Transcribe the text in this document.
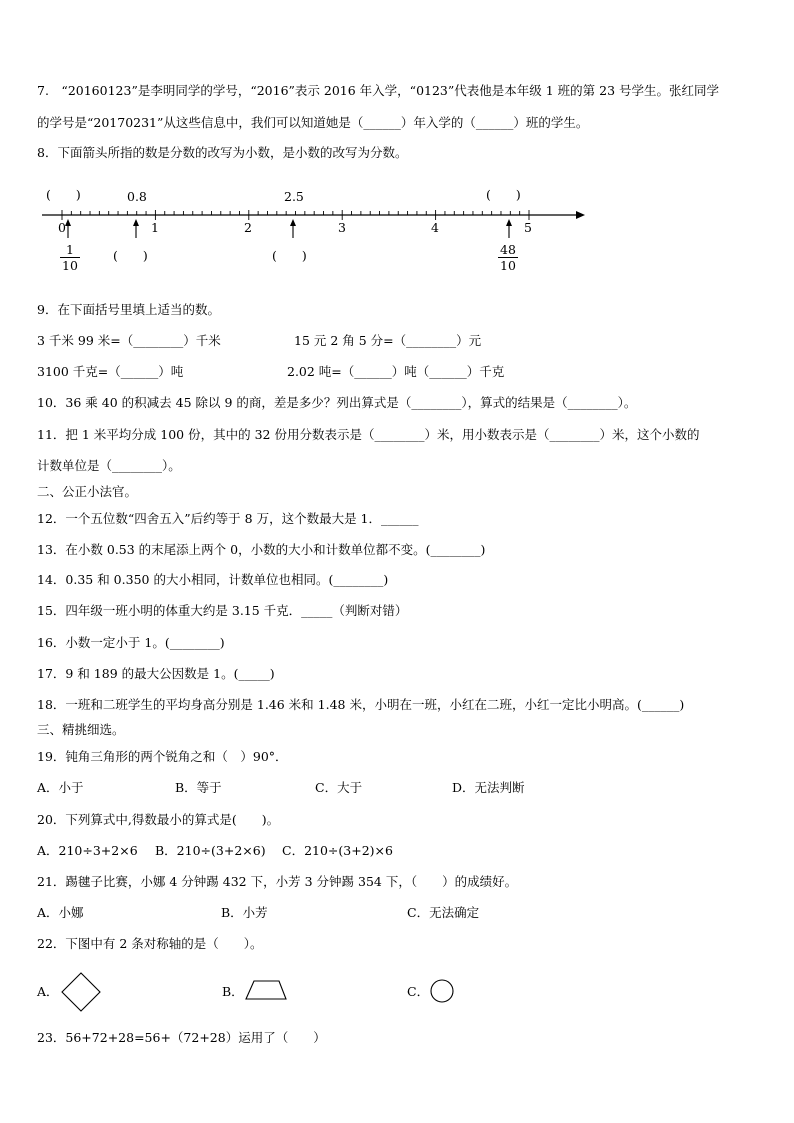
7.　“20160123”是李明同学的学号，“2016”表示 2016 年入学，“0123”代表他是本年级 1 班的第 23 号学生。张红同学
的学号是“20170231”从这些信息中，我们可以知道她是（______）年入学的（______）班的学生。
8．下面箭头所指的数是分数的改写为小数，是小数的改写为分数。
(　　)	0.8	2.5	(　　)
0	1	2	3	4	5
1
10
(　　)	(　　)	48
10
9．在下面括号里填上适当的数。
3 千米 99 米=（________）千米	15 元 2 角 5 分=（________）元
3100 千克=（______）吨	2.02 吨=（______）吨（______）千克
10．36 乘 40 的积减去 45 除以 9 的商，差是多少？列出算式是（________），算式的结果是（________）。
11．把 1 米平均分成 100 份，其中的 32 份用分数表示是（________）米，用小数表示是（________）米，这个小数的
计数单位是（________）。
二、公正小法官。
12．一个五位数“四舍五入”后约等于 8 万，这个数最大是 1．______
13．在小数 0.53 的末尾添上两个 0，小数的大小和计数单位都不变。(________)
14．0.35 和 0.350 的大小相同，计数单位也相同。(________)
15．四年级一班小明的体重大约是 3.15 千克．_____（判断对错）
16．小数一定小于 1。(________)
17．9 和 189 的最大公因数是 1。(_____)
18．一班和二班学生的平均身高分别是 1.46 米和 1.48 米，小明在一班，小红在二班，小红一定比小明高。(______)
三、精挑细选。
19．钝角三角形的两个锐角之和（　）90°．
A．小于	B．等于	C．大于	D．无法判断
20．下列算式中,得数最小的算式是(　　)。
A．210÷3+2×6 B．210÷(3+2×6) C．210÷(3+2)×6
21．踢毽子比赛，小娜 4 分钟踢 432 下，小芳 3 分钟踢 354 下，（　　）的成绩好。
A．小娜	B．小芳	C．无法确定
22．下图中有 2 条对称轴的是（　　）。
A．	B．	C．
23．56+72+28=56+（72+28）运用了（　　）
